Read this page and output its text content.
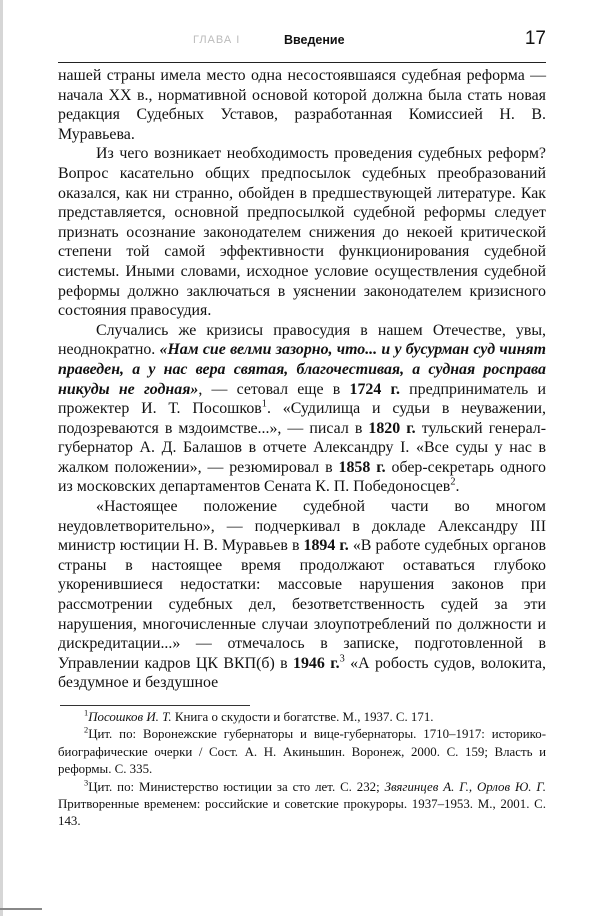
ГЛАВА I	Введение	17

нашей страны имела место одна несостоявшаяся судебная реформа — начала XX в., нормативной основой которой должна была стать новая редакция Судебных Уставов, разработанная Комиссией Н. В. Муравьева.

Из чего возникает необходимость проведения судебных реформ? Вопрос касательно общих предпосылок судебных преобразований оказался, как ни странно, обойден в предшествующей литературе. Как представляется, основной предпосылкой судебной реформы следует признать осознание законодателем снижения до некоей критической степени той самой эффективности функционирования судебной системы. Иными словами, исходное условие осуществления судебной реформы должно заключаться в уяснении законодателем кризисного состояния правосудия.

Случались же кризисы правосудия в нашем Отечестве, увы, неоднократно. «Нам сие велми зазорно, что... и у бусурман суд чинят праведен, а у нас вера святая, благочестивая, а судная росправа никуды не годная», — сетовал еще в 1724 г. предприниматель и прожектер И. Т. Посошков$^1$. «Судилища и судьи в неуважении, подозреваются в мздоимстве...», — писал в 1820 г. тульский генерал-губернатор А. Д. Балашов в отчете Александру I. «Все суды у нас в жалком положении», — резюмировал в 1858 г. обер-секретарь одного из московских департаментов Сената К. П. Победоносцев$^2$.

«Настоящее положение судебной части во многом неудовлетворительно», — подчеркивал в докладе Александру III министр юстиции Н. В. Муравьев в 1894 г. «В работе судебных органов страны в настоящее время продолжают оставаться глубоко укоренившиеся недостатки: массовые нарушения законов при рассмотрении судебных дел, безответственность судей за эти нарушения, многочисленные случаи злоупотреблений по должности и дискредитации...» — отмечалось в записке, подготовленной в Управлении кадров ЦК ВКП(б) в 1946 г.$^3$ «А робость судов, волокита, бездумное и бездушное

$^1$Посошков И. Т. Книга о скудости и богатстве. М., 1937. С. 171.

$^2$Цит. по: Воронежские губернаторы и вице-губернаторы. 1710–1917: историко-биографические очерки / Сост. А. Н. Акиньшин. Воронеж, 2000. С. 159; Власть и реформы. С. 335.

$^3$Цит. по: Министерство юстиции за сто лет. С. 232; Звягинцев А. Г., Орлов Ю. Г. Притворенные временем: российские и советские прокуроры. 1937–1953. М., 2001. С. 143.
